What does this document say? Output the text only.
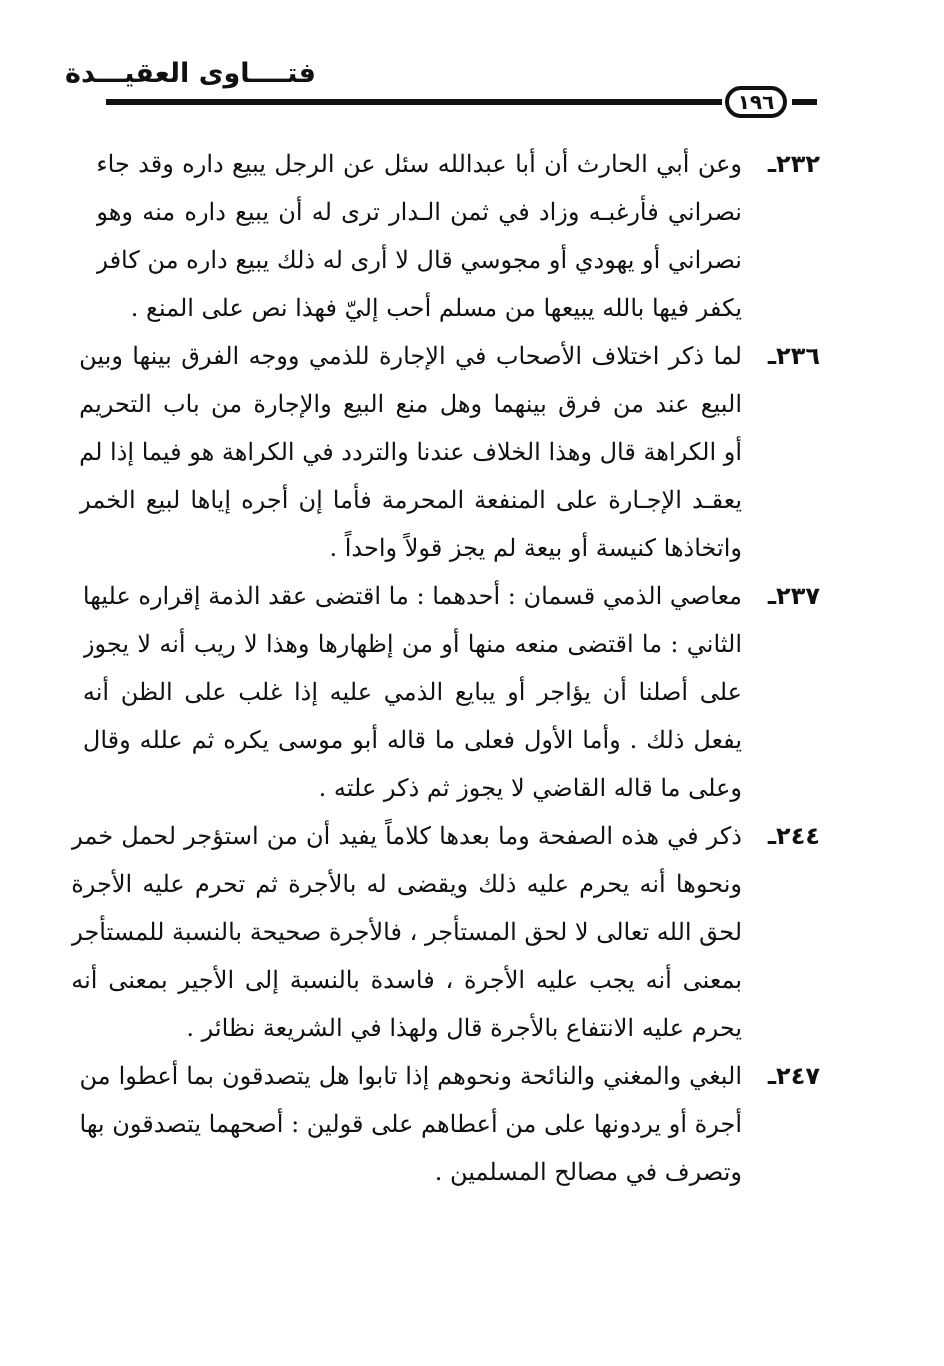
فتــــاوى العقيـــدة
١٩٦
٢٣٢ـ
وعن أبي الحارث أن أبا عبدالله سئل عن الرجل يبيع داره وقد جاء
نصراني فأرغبـه وزاد في ثمن الـدار ترى له أن يبيع داره منه وهو
نصراني أو يهودي أو مجوسي قال لا أرى له ذلك يبيع داره من كافر
يكفر فيها بالله يبيعها من مسلم أحب إليّ فهذا نص على المنع .
٢٣٦ـ
لما ذكر اختلاف الأصحاب في الإجارة للذمي ووجه الفرق بينها وبين
البيع عند من فرق بينهما وهل منع البيع والإجارة من باب التحريم
أو الكراهة قال وهذا الخلاف عندنا والتردد في الكراهة هو فيما إذا لم
يعقـد الإجـارة على المنفعة المحرمة فأما إن أجره إياها لبيع الخمر
واتخاذها كنيسة أو بيعة لم يجز قولاً واحداً .
٢٣٧ـ
معاصي الذمي قسمان : أحدهما : ما اقتضى عقد الذمة إقراره عليها
الثاني : ما اقتضى منعه منها أو من إظهارها وهذا لا ريب أنه لا يجوز
على أصلنا أن يؤاجر أو يبايع الذمي عليه إذا غلب على الظن أنه
يفعل ذلك . وأما الأول فعلى ما قاله أبو موسى يكره ثم علله وقال
وعلى ما قاله القاضي لا يجوز ثم ذكر علته .
٢٤٤ـ
ذكر في هذه الصفحة وما بعدها كلاماً يفيد أن من استؤجر لحمل خمر
ونحوها أنه يحرم عليه ذلك ويقضى له بالأجرة ثم تحرم عليه الأجرة
لحق الله تعالى لا لحق المستأجر ، فالأجرة صحيحة بالنسبة للمستأجر
بمعنى أنه يجب عليه الأجرة ، فاسدة بالنسبة إلى الأجير بمعنى أنه
يحرم عليه الانتفاع بالأجرة قال ولهذا في الشريعة نظائر .
٢٤٧ـ
البغي والمغني والنائحة ونحوهم إذا تابوا هل يتصدقون بما أعطوا من
أجرة أو يردونها على من أعطاهم على قولين : أصحهما يتصدقون بها
وتصرف في مصالح المسلمين .
